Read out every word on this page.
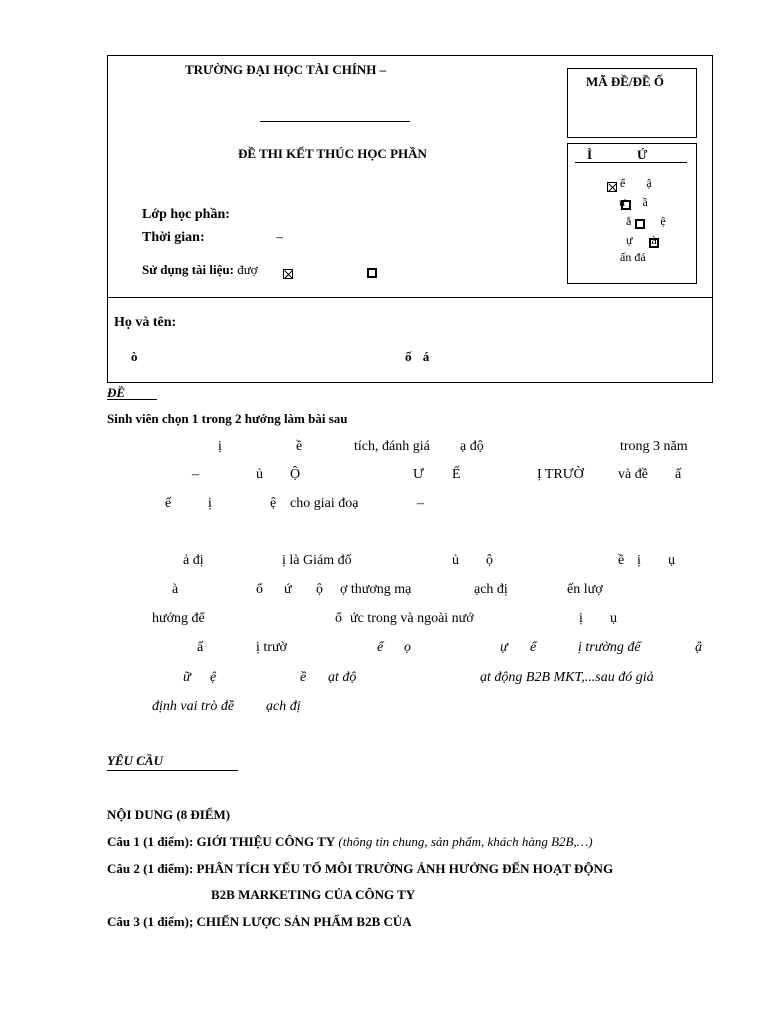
TRƯỜNG ĐẠI HỌC TÀI CHÍNH –
ĐỀ THI KẾT THÚC HỌC PHẦN
Lớp học phần:
Thời gian:	–
Sử dụng tài liệu: đượ

MÃ ĐỀ/ĐỀ Ố
Ì	Ứ

ể ậ

ự ầ

ắ ệ
ự à
ấn đá
Họ và tên:
ò	ố á
ĐỀ
Sinh viên chọn 1 trong 2 hướng làm bài sau
ị	ề	tích, đánh giá ạ độ	trong 3 năm
–	ủ Ộ	Ư Ế	Ị TRƯỜ và đề ấ
ế	ị	ệ cho giai đoạ	–
ả đị	ị là Giám đố	ủ ộ	ề ị ụ
à	ổ ứ ộ ợ thương mạ	ạch đị	ến lượ
hướng để	ổ ức trong và ngoài nướ	ị ụ
ấ	ị trườ	ể ọ	ự ể	ị trường để	ậ
ữ ệ	ề ạt độ	ạt động B2B MKT,...sau đó giả
định vai trò đề ạch đị
YÊU CẦU
NỘI DUNG (8 ĐIỂM)
Câu 1 (1 điểm): GIỚI THIỆU CÔNG TY (thông tin chung, sản phẩm, khách hàng B2B,…)
Câu 2 (1 điểm): PHÂN TÍCH YẾU TỐ MÔI TRƯỜNG ẢNH HƯỞNG ĐẾN HOẠT ĐỘNG
B2B MARKETING CỦA CÔNG TY
Câu 3 (1 điểm); CHIẾN LƯỢC SẢN PHẨM B2B CỦA
